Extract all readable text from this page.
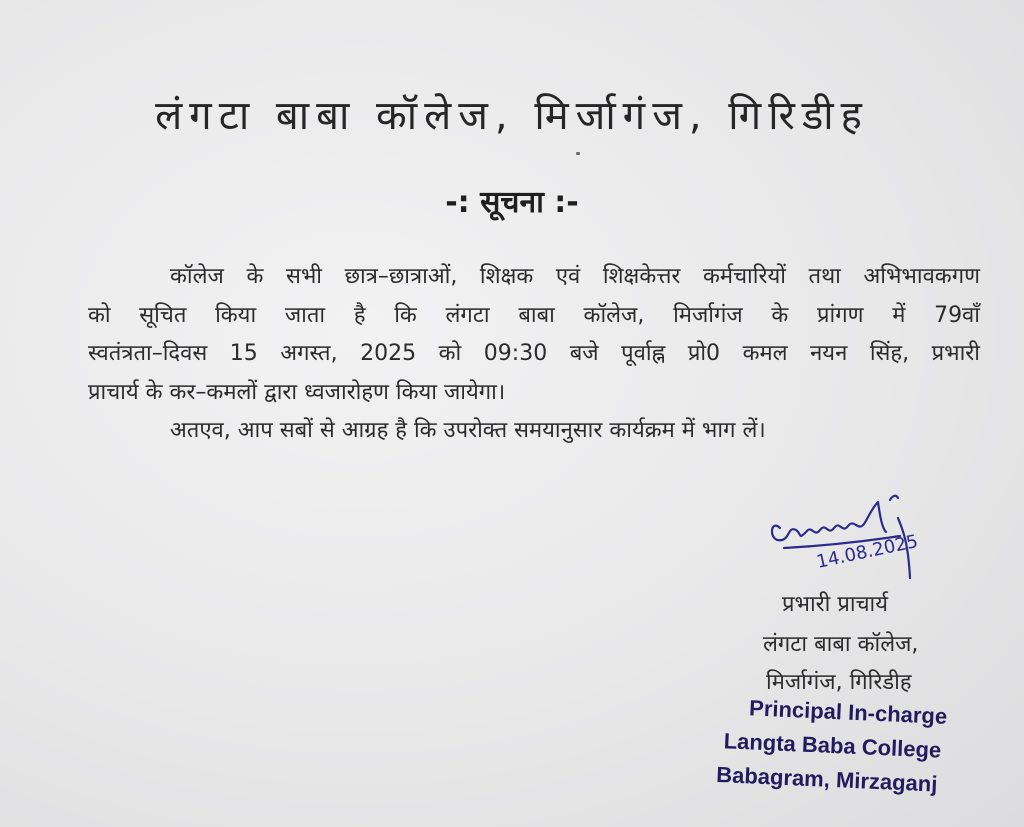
लंगटा बाबा कॉलेज, मिर्जागंज, गिरिडीह
-: सूचना :-
कॉलेज के सभी छात्र–छात्राओं, शिक्षक एवं शिक्षकेत्तर कर्मचारियों तथा अभिभावकगण
को सूचित किया जाता है कि लंगटा बाबा कॉलेज, मिर्जागंज के प्रांगण में 79वाँ
स्वतंत्रता–दिवस 15 अगस्त, 2025 को 09:30 बजे पूर्वाह्न प्रो0 कमल नयन सिंह, प्रभारी
प्राचार्य के कर–कमलों द्वारा ध्वजारोहण किया जायेगा।
अतएव, आप सबों से आग्रह है कि उपरोक्त समयानुसार कार्यक्रम में भाग लें।
14.08.2025
प्रभारी प्राचार्य
लंगटा बाबा कॉलेज,
मिर्जागंज, गिरिडीह
Principal In-charge
Langta Baba College
Babagram, Mirzaganj
